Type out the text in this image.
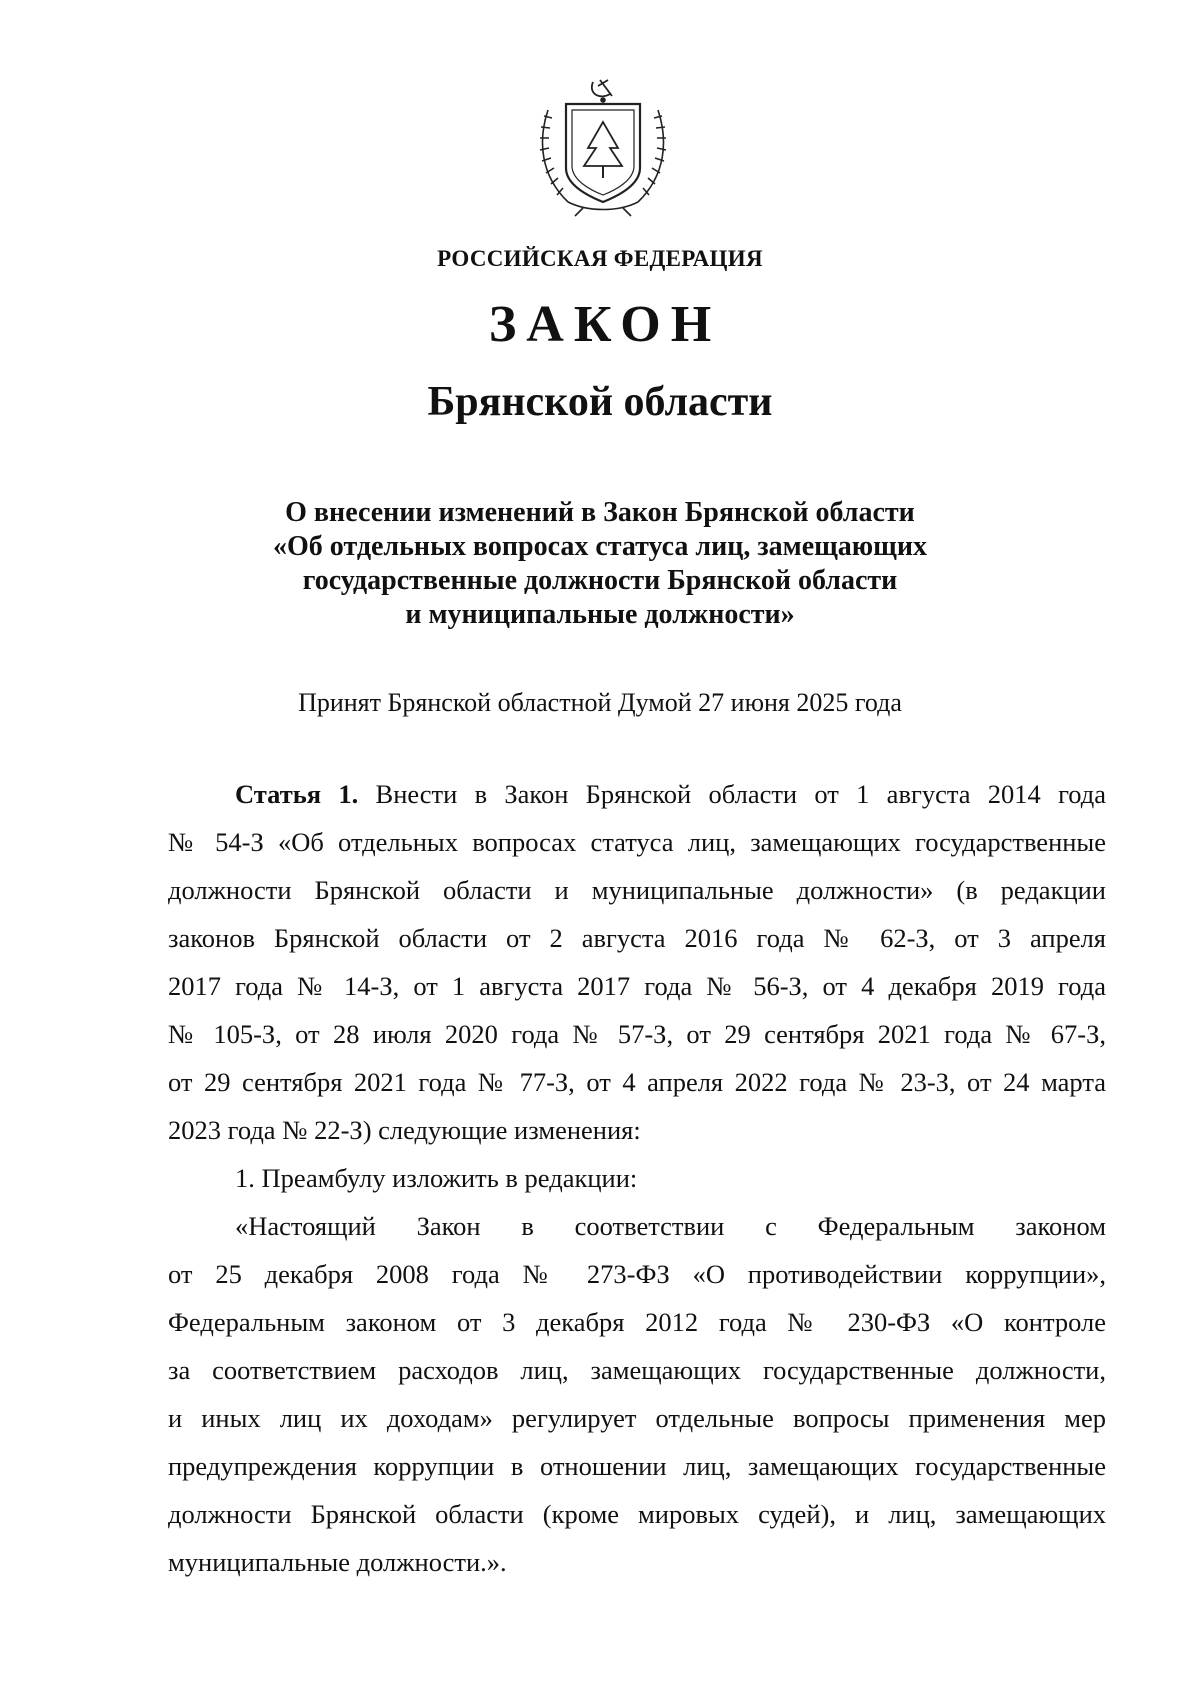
РОССИЙСКАЯ ФЕДЕРАЦИЯ
ЗАКОН
Брянской области
О внесении изменений в Закон Брянской области
«Об отдельных вопросах статуса лиц, замещающих
государственные должности Брянской области
и муниципальные должности»
Принят Брянской областной Думой 27 июня 2025 года
Статья 1. Внести в Закон Брянской области от 1 августа 2014 года
№ 54-З «Об отдельных вопросах статуса лиц, замещающих государственные
должности Брянской области и муниципальные должности» (в редакции
законов Брянской области от 2 августа 2016 года № 62-З, от 3 апреля
2017 года № 14-З, от 1 августа 2017 года № 56-З, от 4 декабря 2019 года
№ 105-З, от 28 июля 2020 года № 57-З, от 29 сентября 2021 года № 67-З,
от 29 сентября 2021 года № 77-З, от 4 апреля 2022 года № 23-З, от 24 марта
2023 года № 22-З) следующие изменения:
1. Преамбулу изложить в редакции:
«Настоящий Закон в соответствии с Федеральным законом
от 25 декабря 2008 года № 273-ФЗ «О противодействии коррупции»,
Федеральным законом от 3 декабря 2012 года № 230-ФЗ «О контроле
за соответствием расходов лиц, замещающих государственные должности,
и иных лиц их доходам» регулирует отдельные вопросы применения мер
предупреждения коррупции в отношении лиц, замещающих государственные
должности Брянской области (кроме мировых судей), и лиц, замещающих
муниципальные должности.».
